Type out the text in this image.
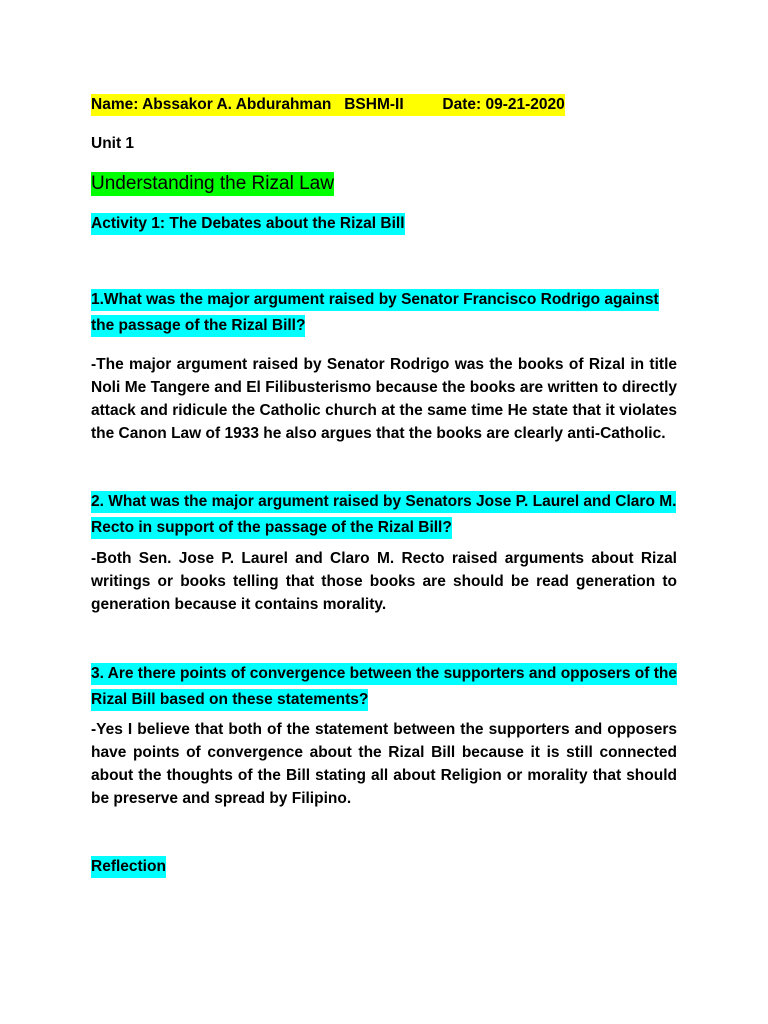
Name: Abssakor A. Abdurahman BSHM-II	Date: 09-21-2020
Unit 1
Understanding the Rizal Law
Activity 1: The Debates about the Rizal Bill
1.What was the major argument raised by Senator Francisco Rodrigo against the passage of the Rizal Bill?
-The major argument raised by Senator Rodrigo was the books of Rizal in title Noli Me Tangere and El Filibusterismo because the books are written to directly attack and ridicule the Catholic church at the same time He state that it violates the Canon Law of 1933 he also argues that the books are clearly anti-Catholic.
2. What was the major argument raised by Senators Jose P. Laurel and Claro M. Recto in support of the passage of the Rizal Bill?
-Both Sen. Jose P. Laurel and Claro M. Recto raised arguments about Rizal writings or books telling that those books are should be read generation to generation because it contains morality.
3. Are there points of convergence between the supporters and opposers of the Rizal Bill based on these statements?
-Yes I believe that both of the statement between the supporters and opposers have points of convergence about the Rizal Bill because it is still connected about the thoughts of the Bill stating all about Religion or morality that should be preserve and spread by Filipino.
Reflection
